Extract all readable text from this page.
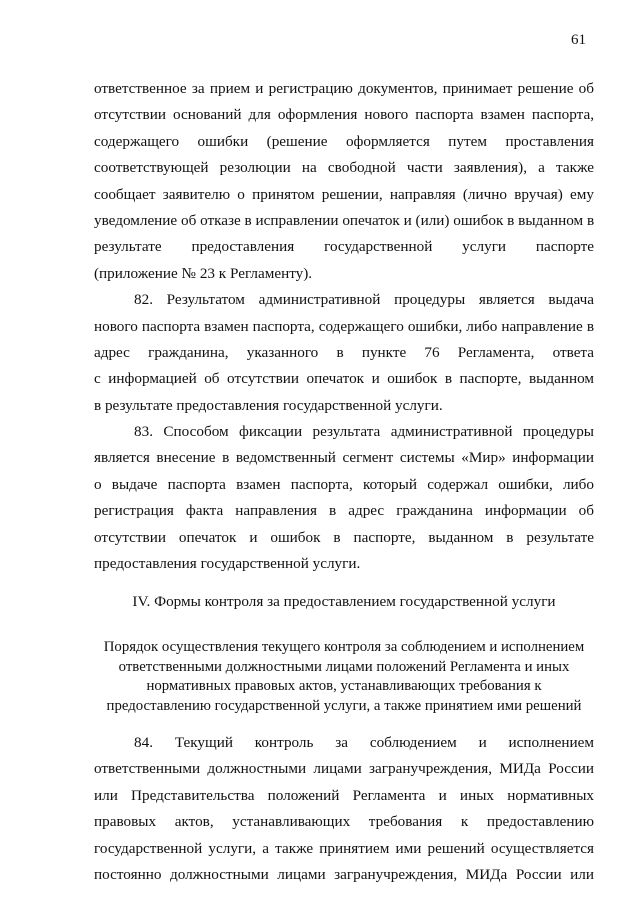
61
ответственное за прием и регистрацию документов, принимает решение об
отсутствии оснований для оформления нового паспорта взамен паспорта,
содержащего ошибки (решение оформляется путем проставления
соответствующей резолюции на свободной части заявления), а также
сообщает заявителю о принятом решении, направляя (лично вручая) ему
уведомление об отказе в исправлении опечаток и (или) ошибок в выданном в
результате предоставления государственной услуги паспорте
(приложение № 23 к Регламенту).
82. Результатом административной процедуры является выдача
нового паспорта взамен паспорта, содержащего ошибки, либо направление в
адрес гражданина, указанного в пункте 76 Регламента, ответа
с информацией об отсутствии опечаток и ошибок в паспорте, выданном
в результате предоставления государственной услуги.
83. Способом фиксации результата административной процедуры
является внесение в ведомственный сегмент системы «Мир» информации
о выдаче паспорта взамен паспорта, который содержал ошибки, либо
регистрация факта направления в адрес гражданина информации об
отсутствии опечаток и ошибок в паспорте, выданном в результате
предоставления государственной услуги.
IV. Формы контроля за предоставлением государственной услуги
Порядок осуществления текущего контроля за соблюдением и исполнением
ответственными должностными лицами положений Регламента и иных
нормативных правовых актов, устанавливающих требования к
предоставлению государственной услуги, а также принятием ими решений
84. Текущий контроль за соблюдением и исполнением
ответственными должностными лицами загранучреждения, МИДа России
или Представительства положений Регламента и иных нормативных
правовых актов, устанавливающих требования к предоставлению
государственной услуги, а также принятием ими решений осуществляется
постоянно должностными лицами загранучреждения, МИДа России или
